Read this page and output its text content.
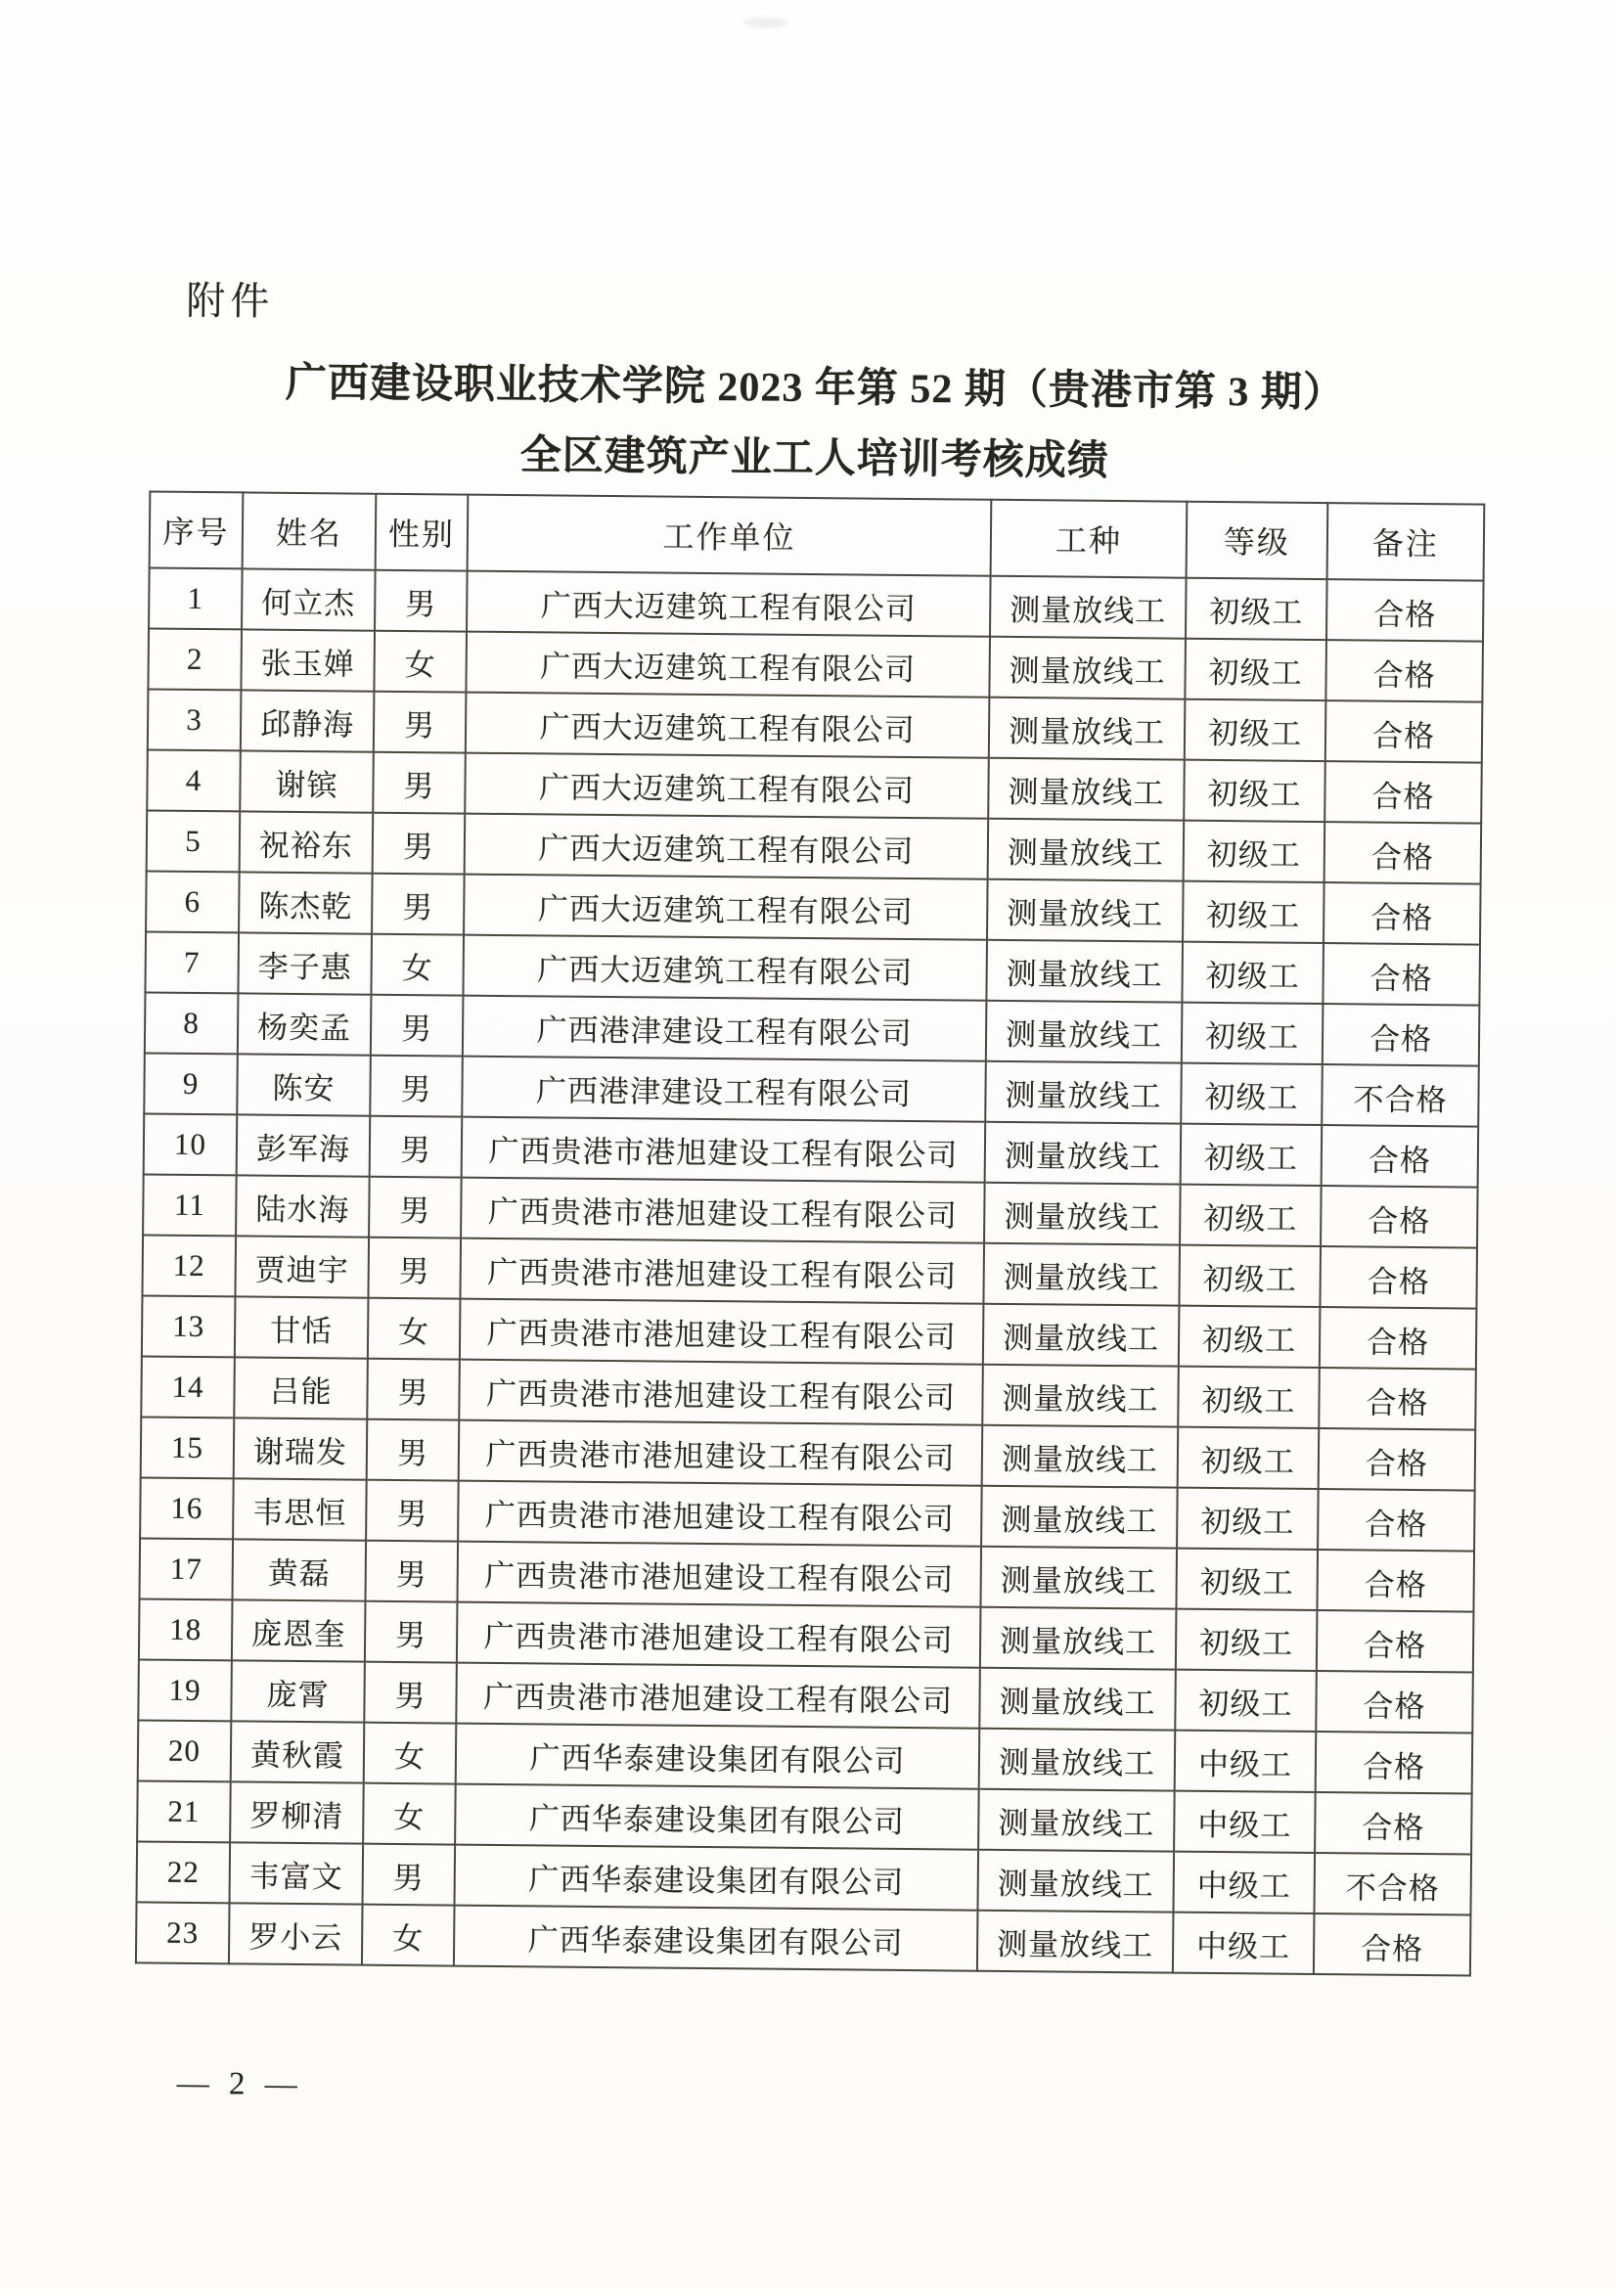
附件
广西建设职业技术学院 2023 年第 52 期（贵港市第 3 期）
全区建筑产业工人培训考核成绩
序号	姓名	性别	工作单位	工种	等级	备注
1	何立杰	男	广西大迈建筑工程有限公司	测量放线工	初级工	合格
2	张玉婵	女	广西大迈建筑工程有限公司	测量放线工	初级工	合格
3	邱静海	男	广西大迈建筑工程有限公司	测量放线工	初级工	合格
4	谢镔	男	广西大迈建筑工程有限公司	测量放线工	初级工	合格
5	祝裕东	男	广西大迈建筑工程有限公司	测量放线工	初级工	合格
6	陈杰乾	男	广西大迈建筑工程有限公司	测量放线工	初级工	合格
7	李子惠	女	广西大迈建筑工程有限公司	测量放线工	初级工	合格
8	杨奕孟	男	广西港津建设工程有限公司	测量放线工	初级工	合格
9	陈安	男	广西港津建设工程有限公司	测量放线工	初级工	不合格
10	彭军海	男	广西贵港市港旭建设工程有限公司	测量放线工	初级工	合格
11	陆水海	男	广西贵港市港旭建设工程有限公司	测量放线工	初级工	合格
12	贾迪宇	男	广西贵港市港旭建设工程有限公司	测量放线工	初级工	合格
13	甘恬	女	广西贵港市港旭建设工程有限公司	测量放线工	初级工	合格
14	吕能	男	广西贵港市港旭建设工程有限公司	测量放线工	初级工	合格
15	谢瑞发	男	广西贵港市港旭建设工程有限公司	测量放线工	初级工	合格
16	韦思恒	男	广西贵港市港旭建设工程有限公司	测量放线工	初级工	合格
17	黄磊	男	广西贵港市港旭建设工程有限公司	测量放线工	初级工	合格
18	庞恩奎	男	广西贵港市港旭建设工程有限公司	测量放线工	初级工	合格
19	庞霄	男	广西贵港市港旭建设工程有限公司	测量放线工	初级工	合格
20	黄秋霞	女	广西华泰建设集团有限公司	测量放线工	中级工	合格
21	罗柳清	女	广西华泰建设集团有限公司	测量放线工	中级工	合格
22	韦富文	男	广西华泰建设集团有限公司	测量放线工	中级工	不合格
23	罗小云	女	广西华泰建设集团有限公司	测量放线工	中级工	合格
— 2 —
